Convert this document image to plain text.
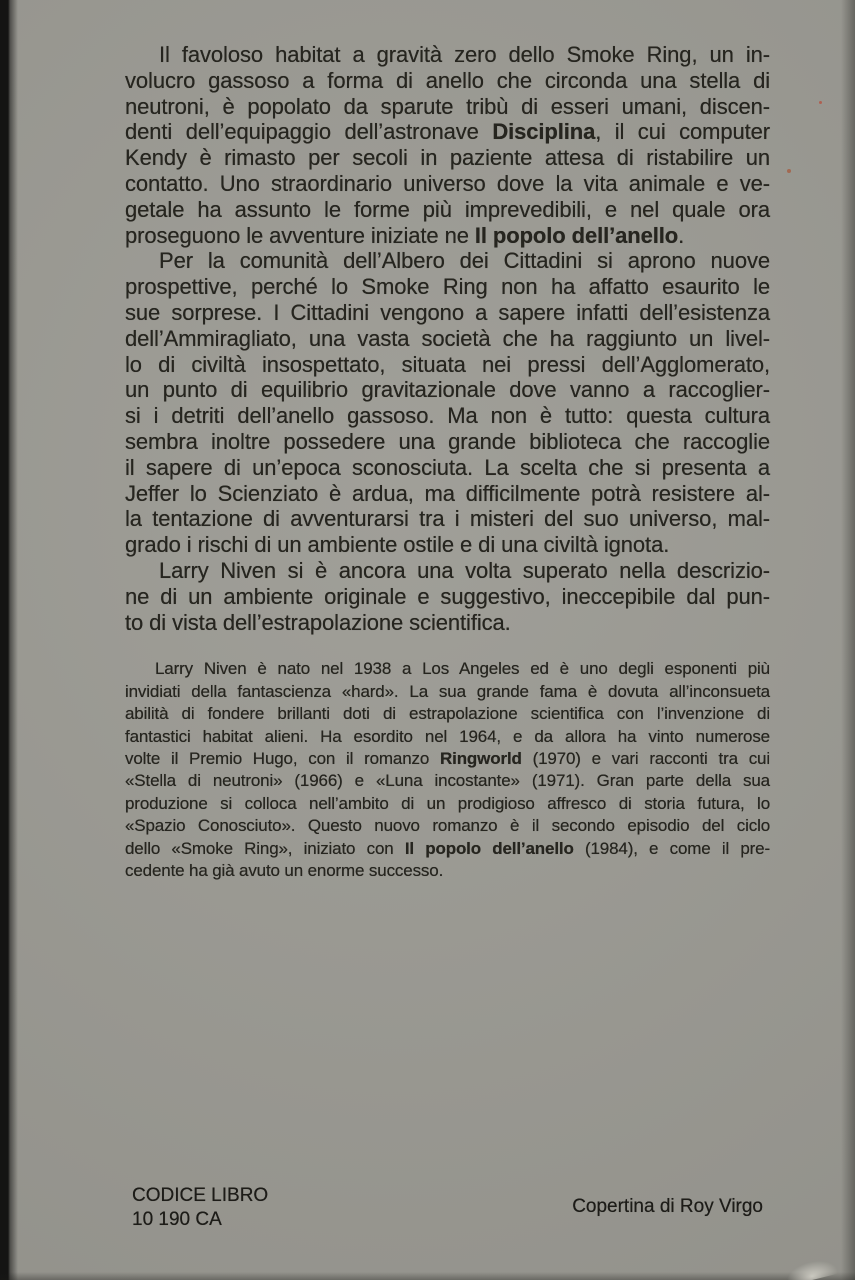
Il favoloso habitat a gravità zero dello Smoke Ring, un in-
volucro gassoso a forma di anello che circonda una stella di
neutroni, è popolato da sparute tribù di esseri umani, discen-
denti dell’equipaggio dell’astronave Disciplina, il cui computer
Kendy è rimasto per secoli in paziente attesa di ristabilire un
contatto. Uno straordinario universo dove la vita animale e ve-
getale ha assunto le forme più imprevedibili, e nel quale ora
proseguono le avventure iniziate ne Il popolo dell’anello.
Per la comunità dell’Albero dei Cittadini si aprono nuove
prospettive, perché lo Smoke Ring non ha affatto esaurito le
sue sorprese. I Cittadini vengono a sapere infatti dell’esistenza
dell’Ammiragliato, una vasta società che ha raggiunto un livel-
lo di civiltà insospettato, situata nei pressi dell’Agglomerato,
un punto di equilibrio gravitazionale dove vanno a raccoglier-
si i detriti dell’anello gassoso. Ma non è tutto: questa cultura
sembra inoltre possedere una grande biblioteca che raccoglie
il sapere di un’epoca sconosciuta. La scelta che si presenta a
Jeffer lo Scienziato è ardua, ma difficilmente potrà resistere al-
la tentazione di avventurarsi tra i misteri del suo universo, mal-
grado i rischi di un ambiente ostile e di una civiltà ignota.
Larry Niven si è ancora una volta superato nella descrizio-
ne di un ambiente originale e suggestivo, ineccepibile dal pun-
to di vista dell’estrapolazione scientifica.
Larry Niven è nato nel 1938 a Los Angeles ed è uno degli esponenti più
invidiati della fantascienza «hard». La sua grande fama è dovuta all’inconsueta
abilità di fondere brillanti doti di estrapolazione scientifica con l’invenzione di
fantastici habitat alieni. Ha esordito nel 1964, e da allora ha vinto numerose
volte il Premio Hugo, con il romanzo Ringworld (1970) e vari racconti tra cui
«Stella di neutroni» (1966) e «Luna incostante» (1971). Gran parte della sua
produzione si colloca nell’ambito di un prodigioso affresco di storia futura, lo
«Spazio Conosciuto». Questo nuovo romanzo è il secondo episodio del ciclo
dello «Smoke Ring», iniziato con Il popolo dell’anello (1984), e come il pre-
cedente ha già avuto un enorme successo.
CODICE LIBRO
10 190 CA
Copertina di Roy Virgo
